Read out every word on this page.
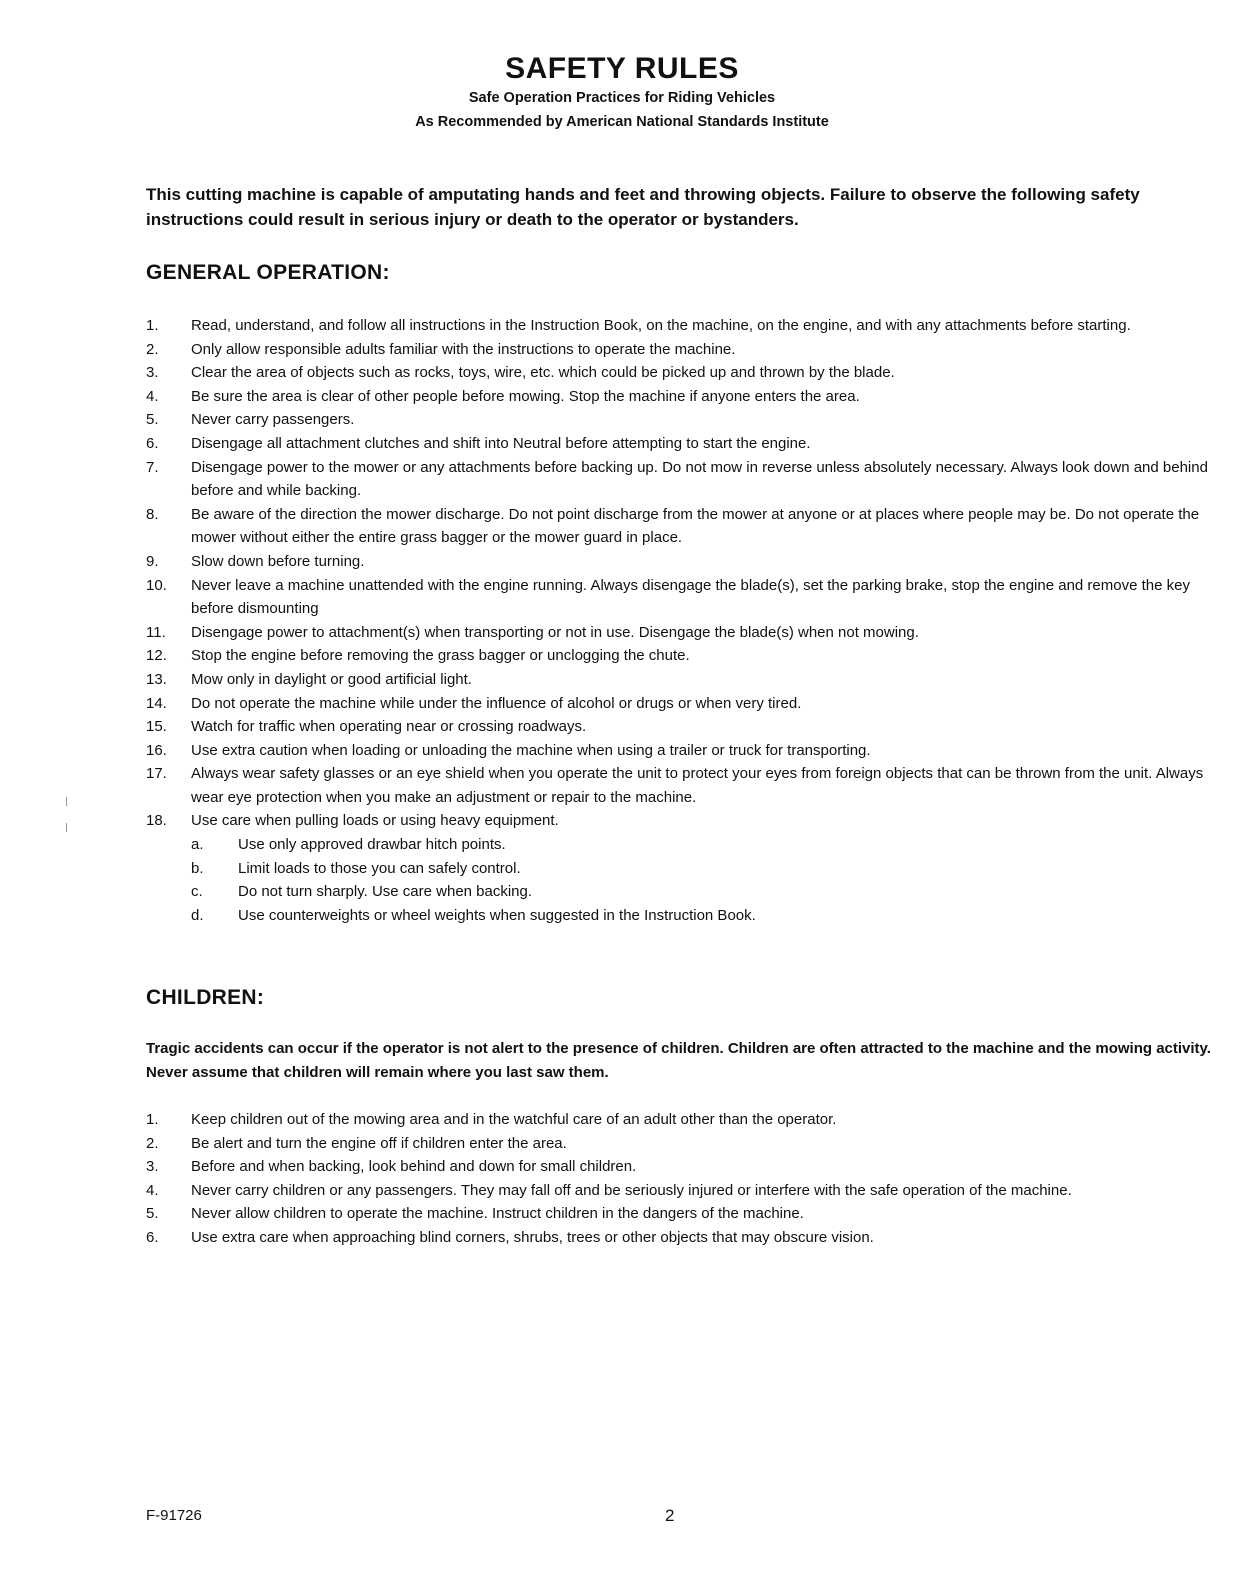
SAFETY RULES

Safe Operation Practices for Riding Vehicles

As Recommended by American National Standards Institute

This cutting machine is capable of amputating hands and feet and throwing objects. Failure to observe the following safety instructions could result in serious injury or death to the operator or bystanders.

GENERAL OPERATION:
1. Read, understand, and follow all instructions in the Instruction Book, on the machine, on the engine, and with any attachments before starting.
2. Only allow responsible adults familiar with the instructions to operate the machine.
3. Clear the area of objects such as rocks, toys, wire, etc. which could be picked up and thrown by the blade.
4. Be sure the area is clear of other people before mowing. Stop the machine if anyone enters the area.
5. Never carry passengers.
6. Disengage all attachment clutches and shift into Neutral before attempting to start the engine.
7. Disengage power to the mower or any attachments before backing up. Do not mow in reverse unless absolutely necessary. Always look down and behind before and while backing.
8. Be aware of the direction the mower discharge. Do not point discharge from the mower at anyone or at places where people may be. Do not operate the mower without either the entire grass bagger or the mower guard in place.
9. Slow down before turning.
10. Never leave a machine unattended with the engine running. Always disengage the blade(s), set the parking brake, stop the engine and remove the key before dismounting
11. Disengage power to attachment(s) when transporting or not in use. Disengage the blade(s) when not mowing.
12. Stop the engine before removing the grass bagger or unclogging the chute.
13. Mow only in daylight or good artificial light.
14. Do not operate the machine while under the influence of alcohol or drugs or when very tired.
15. Watch for traffic when operating near or crossing roadways.
16. Use extra caution when loading or unloading the machine when using a trailer or truck for transporting.
17. Always wear safety glasses or an eye shield when you operate the unit to protect your eyes from foreign objects that can be thrown from the unit. Always wear eye protection when you make an adjustment or repair to the machine.
18. Use care when pulling loads or using heavy equipment.
a. Use only approved drawbar hitch points.
b. Limit loads to those you can safely control.
c. Do not turn sharply. Use care when backing.
d. Use counterweights or wheel weights when suggested in the Instruction Book.
CHILDREN:

Tragic accidents can occur if the operator is not alert to the presence of children. Children are often attracted to the machine and the mowing activity. Never assume that children will remain where you last saw them.

1. Keep children out of the mowing area and in the watchful care of an adult other than the operator.
2. Be alert and turn the engine off if children enter the area.
3. Before and when backing, look behind and down for small children.
4. Never carry children or any passengers. They may fall off and be seriously injured or interfere with the safe operation of the machine.
5. Never allow children to operate the machine. Instruct children in the dangers of the machine.
6. Use extra care when approaching blind corners, shrubs, trees or other objects that may obscure vision.

F-91726	2
